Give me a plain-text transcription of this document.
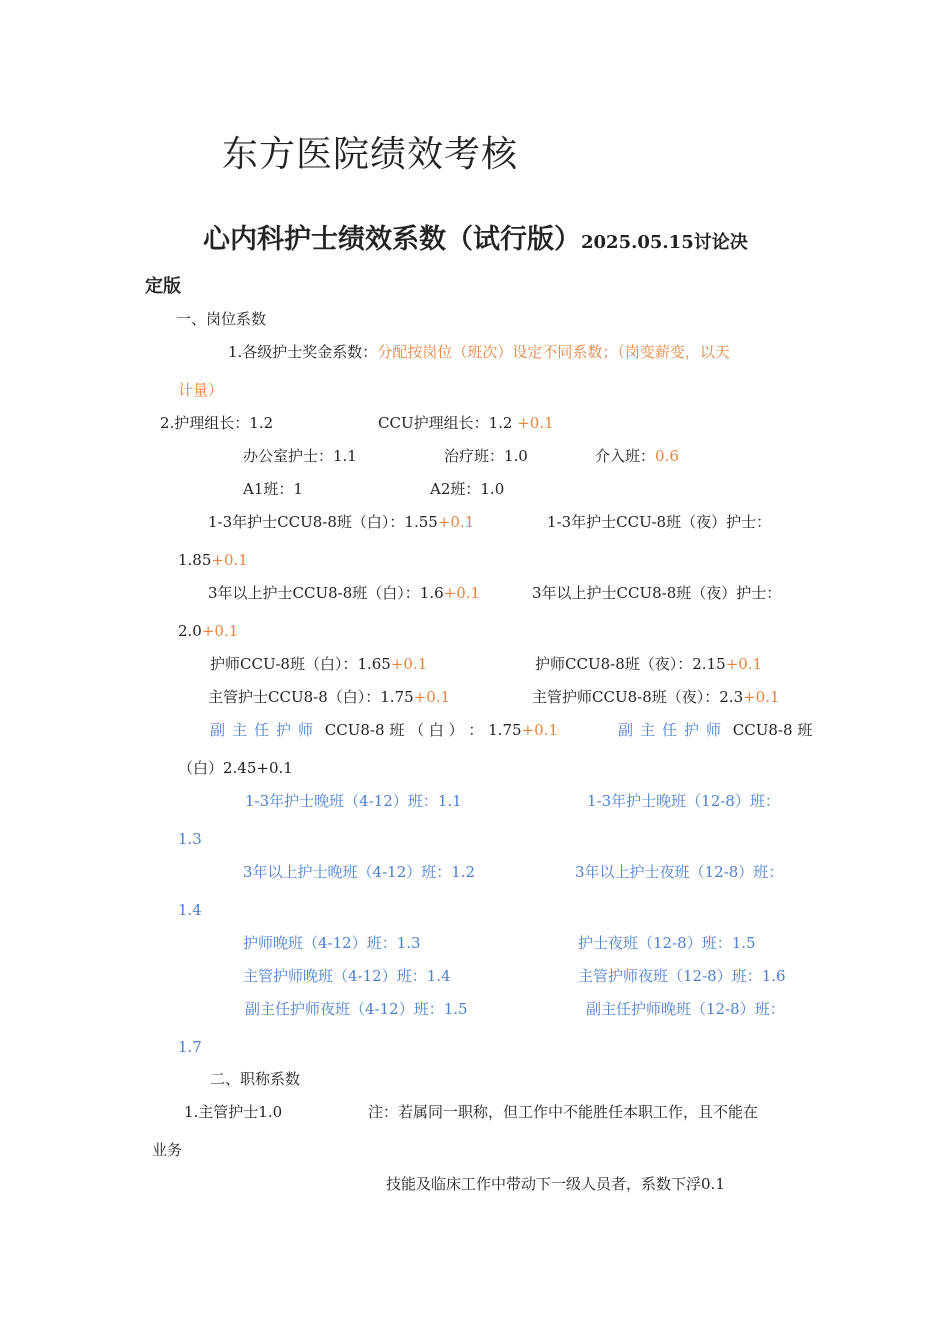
东方医院绩效考核
心内科护士绩效系数（试行版）2025.05.15讨论决
定版
一、岗位系数
1.各级护士奖金系数：分配按岗位（班次）设定不同系数；（岗变薪变，以天
计量）
2.护理组长：1.2	CCU护理组长：1.2 +0.1
办公室护士：1.1	治疗班：1.0	介入班：0.6
A1班：1	A2班：1.0
1-3年护士CCU8-8班（白）：1.55+0.1	1-3年护士CCU-8班（夜）护士：
1.85+0.1
3年以上护士CCU8-8班（白）：1.6+0.1	3年以上护士CCU8-8班（夜）护士：
2.0+0.1
护师CCU-8班（白）：1.65+0.1	护师CCU8-8班（夜）：2.15+0.1
主管护士CCU8-8（白）：1.75+0.1	主管护师CCU8-8班（夜）：2.3+0.1
副主任护师 CCU8-8 班 （ 白 ） ： 1.75+0.1	副主任护师 CCU8-8 班
（白）2.45+0.1
1-3年护士晚班（4-12）班：1.1	1-3年护士晚班（12-8）班：
1.3
3年以上护士晚班（4-12）班：1.2	3年以上护士夜班（12-8）班：
1.4
护师晚班（4-12）班：1.3	护士夜班（12-8）班：1.5
主管护师晚班（4-12）班：1.4	主管护师夜班（12-8）班：1.6
副主任护师夜班（4-12）班：1.5	副主任护师晚班（12-8）班：
1.7
二、职称系数
1.主管护士1.0	注：若属同一职称，但工作中不能胜任本职工作，且不能在
业务
技能及临床工作中带动下一级人员者，系数下浮0.1
